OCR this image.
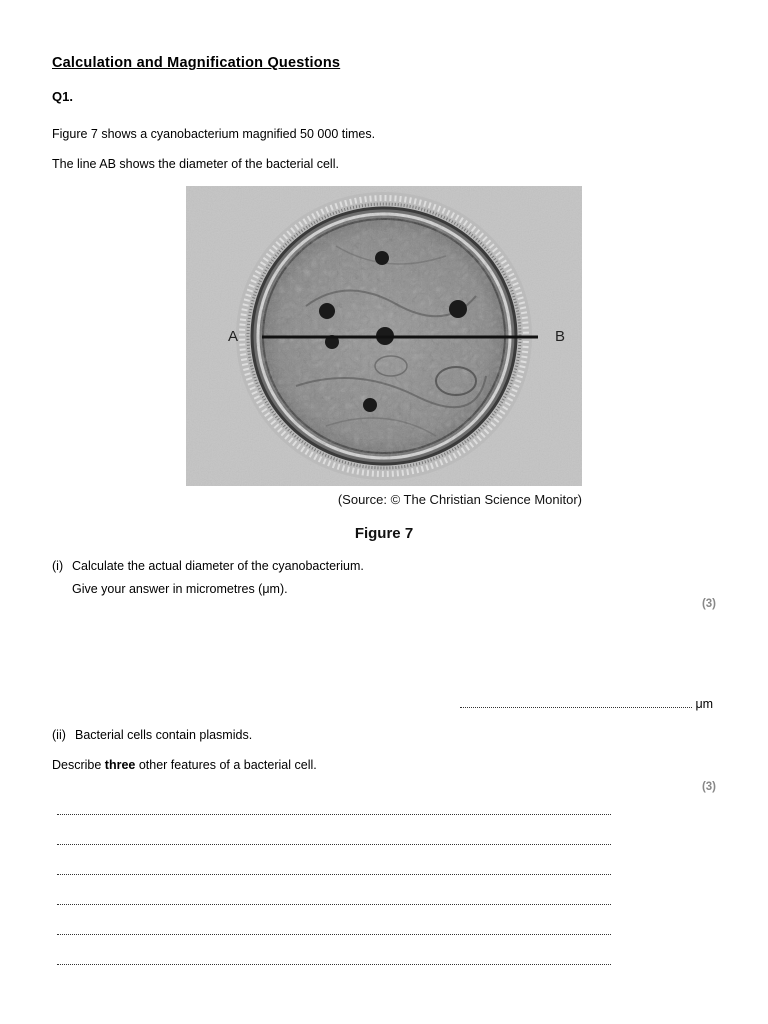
Calculation and Magnification Questions
Q1.
Figure 7 shows a cyanobacterium magnified 50 000 times.
The line AB shows the diameter of the bacterial cell.
A	B
(Source: © The Christian Science Monitor)
Figure 7
(i) Calculate the actual diameter of the cyanobacterium.
Give your answer in micrometres (μm).
(3)
μm
(ii) Bacterial cells contain plasmids.
Describe three other features of a bacterial cell.
(3)
